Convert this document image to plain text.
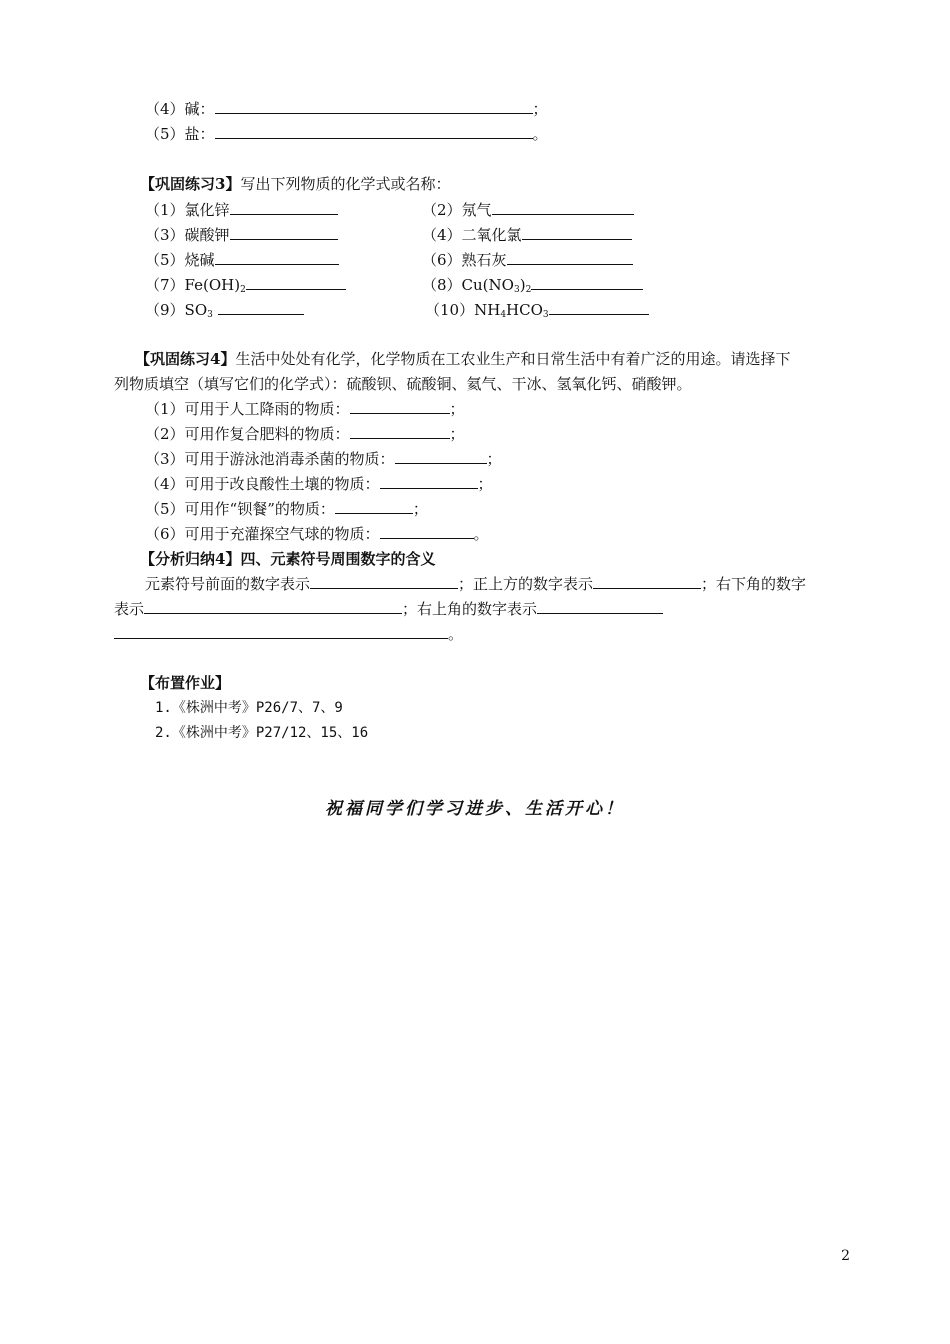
（4）碱：	；
（5）盐：	。
【巩固练习3】写出下列物质的化学式或名称：
（1）氯化锌	（2）氖气
（3）碳酸钾	（4）二氧化氯
（5）烧碱	（6）熟石灰
$(7)Fe(OH)_2$	$(8)Cu(NO_3)_2$
$(9)SO_3$	$(10)NH_4HCO_3$
【巩固练习4】生活中处处有化学，化学物质在工农业生产和日常生活中有着广泛的用途。请选择下
列物质填空（填写它们的化学式）：硫酸钡、硫酸铜、氦气、干冰、氢氧化钙、硝酸钾。
（1）可用于人工降雨的物质：	；
（2）可用作复合肥料的物质：	；
（3）可用于游泳池消毒杀菌的物质：	；
（4）可用于改良酸性土壤的物质：	；
（5）可用作“钡餐”的物质：	；
（6）可用于充灌探空气球的物质：	。
【分析归纳4】四、元素符号周围数字的含义
元素符号前面的数字表示	；正上方的数字表示	；右下角的数字
表示	；右上角的数字表示
。
【布置作业】
1.《株洲中考》P26/7、7、9
2.《株洲中考》P27/12、15、16
祝福同学们学习进步、生活开心！
2
